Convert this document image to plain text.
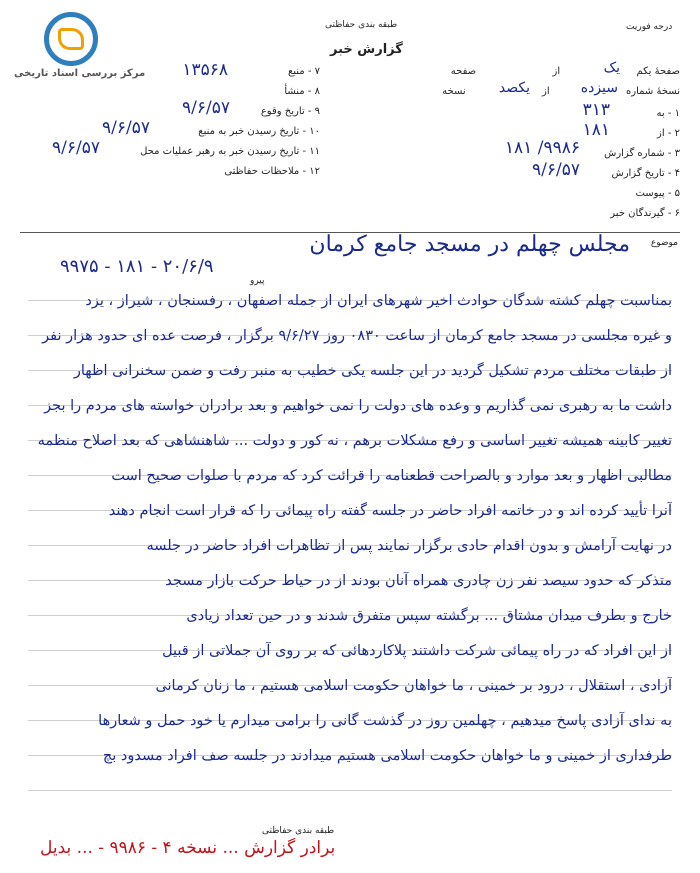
مرکز بررسی اسناد تاریخی
طبقه بندی حفاظتی
گزارش خبر
درجه فوریت
۷ - منبع
۱۳۵۶۸
۸ - منشأ
۹ - تاریخ وقوع
۹/۶/۵۷
۱۰ - تاریخ رسیدن خبر به منبع
۹/۶/۵۷
۱۱ - تاریخ رسیدن خبر به رهبر عملیات محل
۹/۶/۵۷
۱۲ - ملاحظات حفاظتی
صفحهٔ یکم  از  صفحه	یک
نسخهٔ شماره  از  نسخه	سیزده
یکصد
۱ - به
۳۱۳
۲ - از
۱۸۱
۳ - شماره گزارش
۹۹۸۶/ ۱۸۱
۴ - تاریخ گزارش
۹/۶/۵۷
۵ - پیوست
۶ - گیرندگان خبر
موضوع
مجلس چهلم در مسجد جامع کرمان
۲۰/۶/۹ - ۱۸۱ - ۹۹۷۵
پیرو
بمناسبت چهلم کشته شدگان حوادث اخیر شهرهای ایران از جمله اصفهان ، رفسنجان ، شیراز ، یزد
و غیره مجلسی در مسجد جامع کرمان از ساعت ۰۸۳۰ روز ۹/۶/۲۷ برگزار ، فرصت عده ای حدود هزار نفر
از طبقات مختلف مردم تشکیل گردید در این جلسه یکی خطیب به منبر رفت و ضمن سخنرانی اظهار
داشت ما به رهبری نمی گذاریم و وعده های دولت را نمی خواهیم و بعد برادران خواسته های مردم را بجز
تغییر کابینه همیشه تغییر اساسی و رفع مشکلات برهم ، نه کور و دولت ... شاهنشاهی که بعد اصلاح منظمه
مطالبی اظهار و بعد موارد و بالصراحت قطعنامه را قرائت کرد که مردم با صلوات صحیح است
آنرا تأیید کرده اند و در خاتمه افراد حاضر در جلسه گفته راه پیمائی را که قرار است انجام دهند
در نهایت آرامش و بدون اقدام حادی برگزار نمایند پس از تظاهرات افراد حاضر در جلسه
متذکر که حدود سیصد نفر زن چادری همراه آنان بودند از در حیاط حرکت بازار مسجد
خارج و بطرف میدان مشتاق ... برگشته سپس متفرق شدند و در حین تعداد زیادی
از این افراد که در راه پیمائی شرکت داشتند پلاکاردهائی که بر روی آن جملاتی از قبیل
آزادی ، استقلال ، درود بر خمینی ، ما خواهان حکومت اسلامی هستیم ، ما زنان کرمانی
به ندای آزادی پاسخ میدهیم ، چهلمین روز در گذشت گانی را برامی میدارم یا خود حمل و شعارها
طرفداری از خمینی و ما خواهان حکومت اسلامی هستیم میدادند در جلسه صف افراد مسدود بچ
طبقه بندی حفاظتی
برادر گزارش ... نسخه ۴ - ۹۹۸۶ - ... بدیل
